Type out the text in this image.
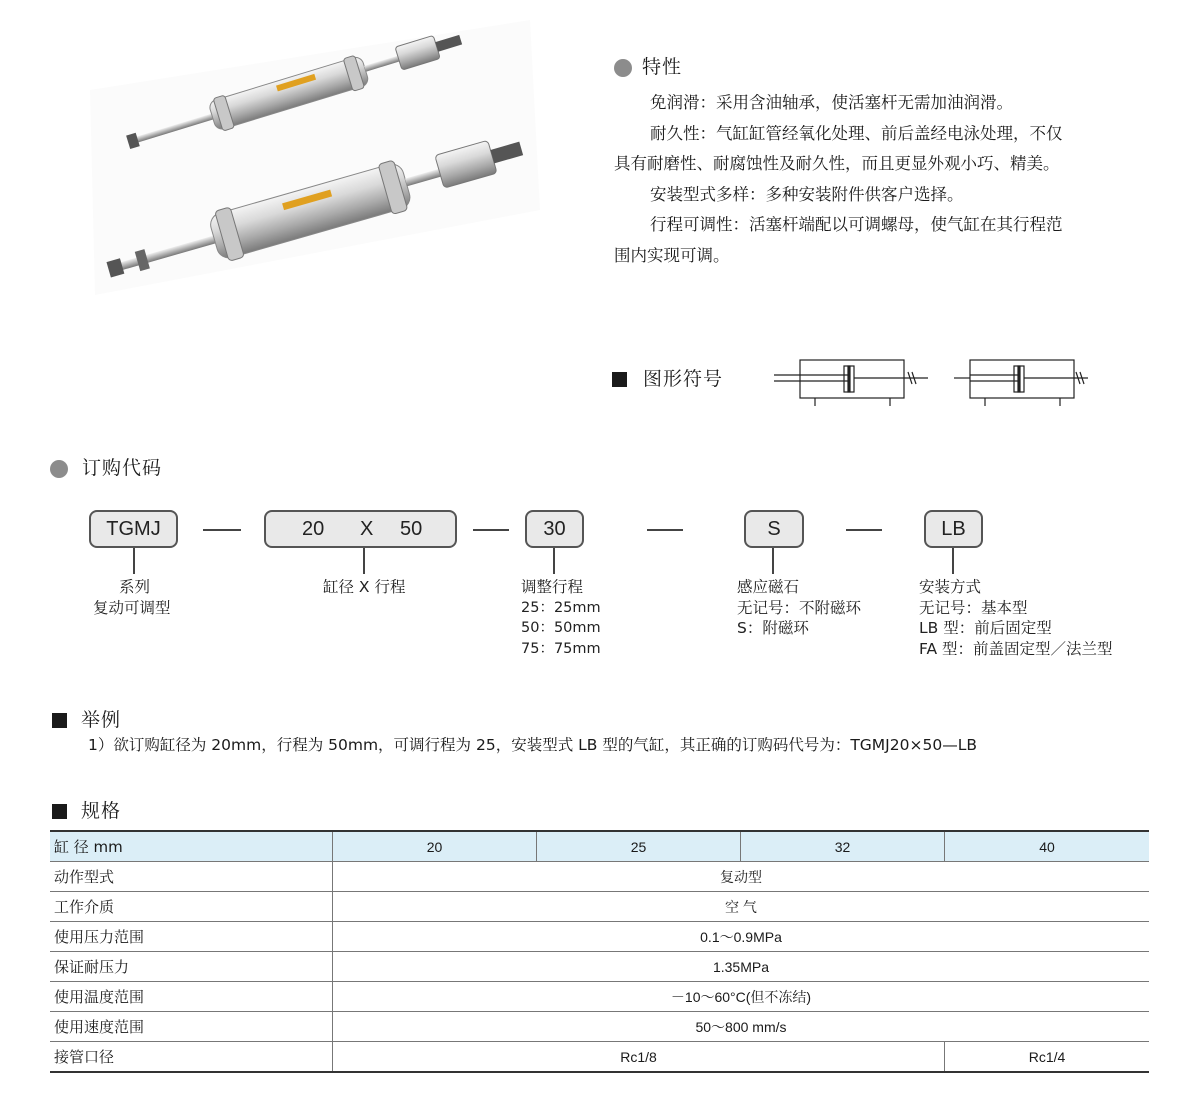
特性

免润滑：采用含油轴承，使活塞杆无需加油润滑。

耐久性：气缸缸管经氧化处理、前后盖经电泳处理，不仅

具有耐磨性、耐腐蚀性及耐久性，而且更显外观小巧、精美。

安装型式多样：多种安装附件供客户选择。

行程可调性：活塞杆端配以可调螺母，使气缸在其行程范

围内实现可调。

图形符号
订购代码
TGMJ	20 X 50	30	S	LB
系列
复动可调型
缸径 X 行程	调整行程
25：25mm
50：50mm
75：75mm
感应磁石
无记号：不附磁环
S：附磁环
安装方式
无记号：基本型
LB 型：前后固定型
FA 型：前盖固定型／法兰型
举例
1）欲订购缸径为 20mm，行程为 50mm，可调行程为 25，安装型式 LB 型的气缸，其正确的订购码代号为：TGMJ20×50—LB
规格
缸 径 mm	20	25	32	40
动作型式	复动型			
工作介质	空 气			
使用压力范围	0.1～0.9MPa			
保证耐压力	1.35MPa			
使用温度范围	－10～60°C(但不冻结)			
使用速度范围	50～800 mm/s			
接管口径	Rc1/8			Rc1/4
